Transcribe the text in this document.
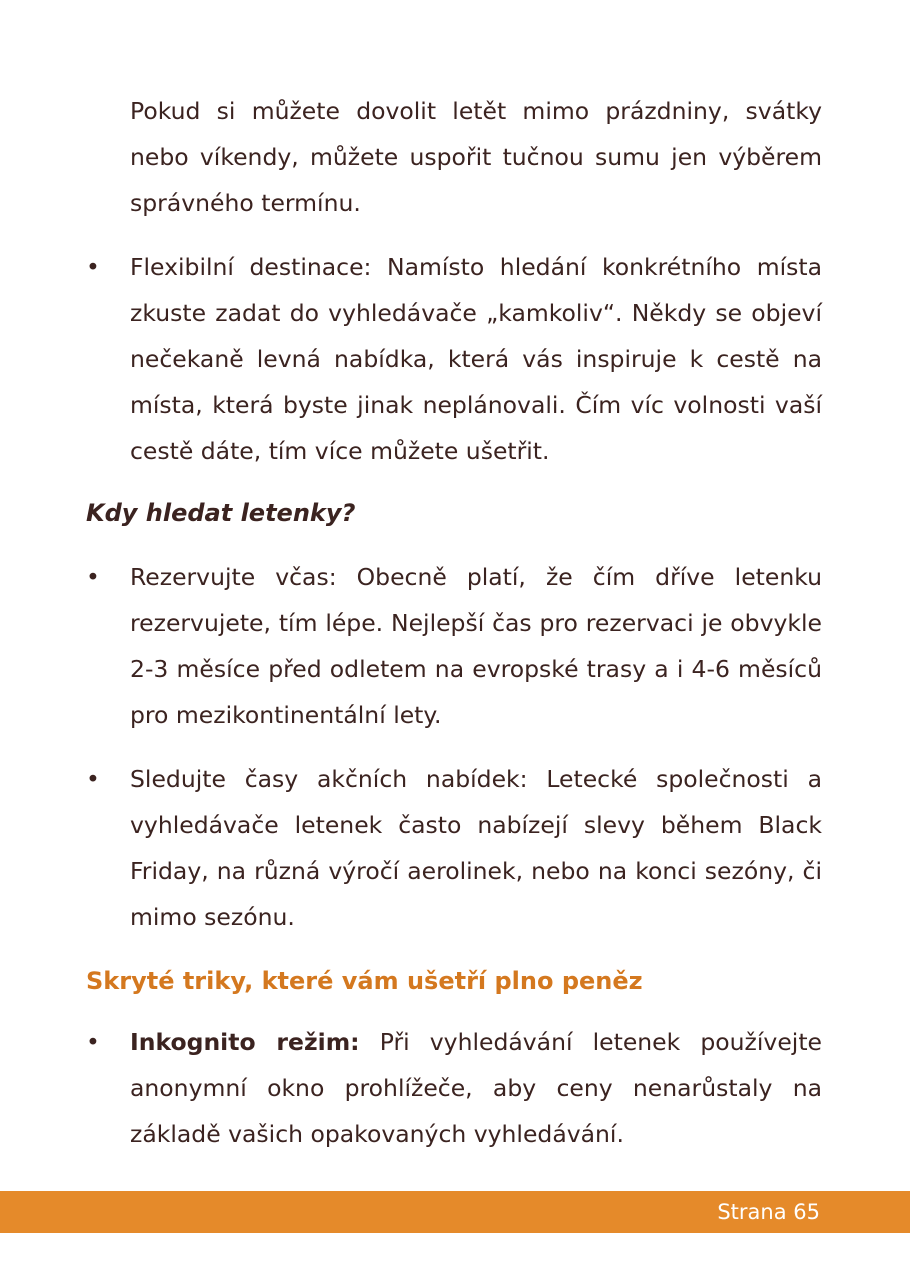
Pokud si můžete dovolit letět mimo prázdniny, svátky nebo víkendy, můžete uspořit tučnou sumu jen výběrem správného termínu.

•	Flexibilní destinace: Namísto hledání konkrétního místa zkuste zadat do vyhledávače „kamkoliv“. Někdy se objeví nečekaně levná nabídka, která vás inspiruje k cestě na místa, která byste jinak neplánovali. Čím víc volnosti vaší cestě dáte, tím více můžete ušetřit.

Kdy hledat letenky?
•	Rezervujte včas: Obecně platí, že čím dříve letenku rezervujete, tím lépe. Nejlepší čas pro rezervaci je obvykle 2-3 měsíce před odletem na evropské trasy a i 4-6 měsíců pro mezikontinentální lety.

•	Sledujte časy akčních nabídek: Letecké společnosti a vyhledávače letenek často nabízejí slevy během Black Friday, na různá výročí aerolinek, nebo na konci sezóny, či mimo sezónu.

Skryté triky, které vám ušetří plno peněz
•	Inkognito režim: Při vyhledávání letenek používejte anonymní okno prohlížeče, aby ceny nenarůstaly na základě vašich opakovaných vyhledávání.

Strana 65
